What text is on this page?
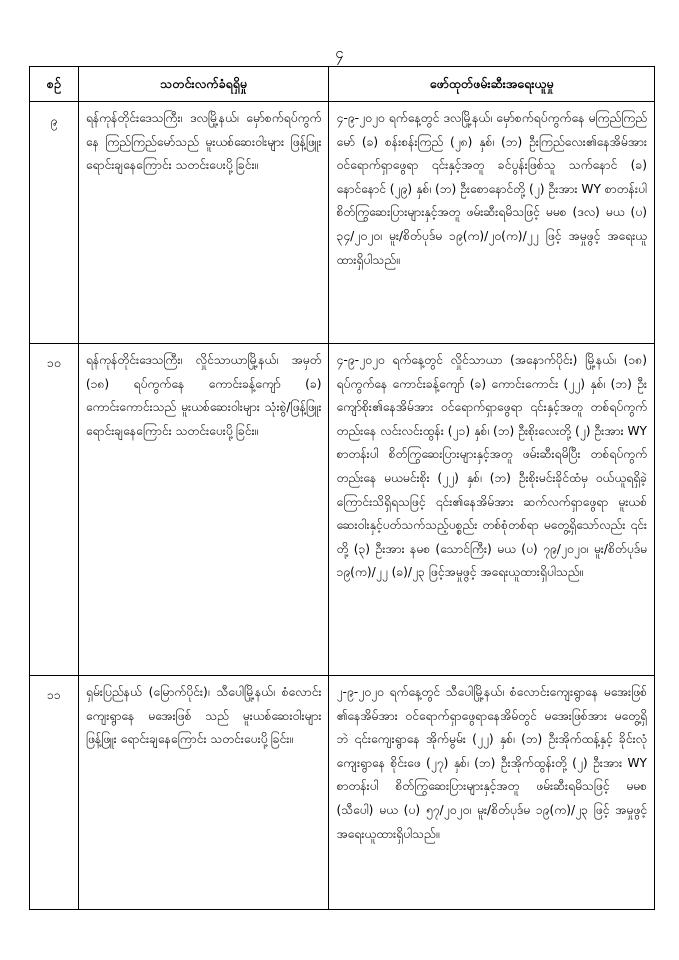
၄
စဉ်	သတင်းလက်ခံရရှိမှု	ဖော်ထုတ်ဖမ်းဆီးအရေးယူမှု
၉	ရန်ကုန်တိုင်းဒေသကြီး၊ ဒလမြို့နယ်၊ မှော်စက်ရပ်ကွက်နေ ကြည်ကြည်မော်သည် မူးယစ်ဆေးဝါးများ ဖြန့်ဖြူး ရောင်းချနေကြောင်း သတင်းပေးပို့ခြင်း။	၄-၉-၂၀၂၀ ရက်နေ့တွင် ဒလမြို့နယ်၊ မှော်စက်ရပ်ကွက်နေ မကြည်ကြည်မော် (ခ) စန်းစန်းကြည် (၂၈) နှစ်၊ (ဘ) ဦးကြည်လေး၏နေအိမ်အား ဝင်ရောက်ရှာဖွေရာ ၎င်းနှင့်အတူ ခင်ပွန်းဖြစ်သူ သက်နောင် (ခ) နောင်နောင် (၂၉) နှစ်၊ (ဘ) ဦးစောနောင်တို့ (၂) ဦးအား WY စာတန်းပါ စိတ်ကြွဆေးပြားများနှင့်အတူ ဖမ်းဆီးရမိသဖြင့် မမစ (ဒလ) မယ (ပ) ၃၄/၂၀၂၀၊ မူး/စိတ်ပုဒ်မ ၁၉(က)/၂၀(က)/၂၂ ဖြင့် အမှုဖွင့် အရေးယူထားရှိပါသည်။
၁၀	ရန်ကုန်တိုင်းဒေသကြီး၊ လှိုင်သာယာမြို့နယ်၊ အမှတ် (၁၈) ရပ်ကွက်နေ ကောင်းခန့်ကျော် (ခ) ကောင်းကောင်းသည် မူးယစ်ဆေးဝါးများ သုံးစွဲ/ဖြန့်ဖြူး ရောင်းချနေကြောင်း သတင်းပေးပို့ခြင်း။	၄-၉-၂၀၂၀ ရက်နေ့တွင် လှိုင်သာယာ (အနောက်ပိုင်း) မြို့နယ်၊ (၁၈) ရပ်ကွက်နေ ကောင်းခန့်ကျော် (ခ) ကောင်းကောင်း (၂၂) နှစ်၊ (ဘ) ဦးကျော်စိုး၏နေအိမ်အား ဝင်ရောက်ရှာဖွေရာ ၎င်းနှင့်အတူ တစ်ရပ်ကွက်တည်းနေ လင်းလင်းထွန်း (၂၁) နှစ်၊ (ဘ) ဦးစိုးလေးတို့ (၂) ဦးအား WY စာတန်းပါ စိတ်ကြွဆေးပြားများနှင့်အတူ ဖမ်းဆီးရမိပြီး တစ်ရပ်ကွက်တည်းနေ မယမင်းစိုး (၂၂) နှစ်၊ (ဘ) ဦးစိုးမင်းခိုင်ထံမှ ဝယ်ယူရရှိခဲ့ကြောင်းသိရှိရသဖြင့် ၎င်း၏နေအိမ်အား ဆက်လက်ရှာဖွေရာ မူးယစ်ဆေးဝါးနှင့်ပတ်သက်သည့်ပစ္စည်း တစ်စုံတစ်ရာ မတွေ့ရှိသော်လည်း ၎င်းတို့ (၃) ဦးအား နမစ (သောင်ကြီး) မယ (ပ) ၇၉/၂၀၂၀၊ မူး/စိတ်ပုဒ်မ ၁၉(က)/၂၂ (ခ)/၂၃ ဖြင့်အမှုဖွင့် အရေးယူထားရှိပါသည်။
၁၁	ရှမ်းပြည်နယ် (မြောက်ပိုင်း)၊ သီပေါမြို့နယ်၊ စံလောင်းကျေးရွာနေ မအေးဖြစ် သည် မူးယစ်ဆေးဝါးများဖြန့်ဖြူး ရောင်းချနေကြောင်း သတင်းပေးပို့ခြင်း။	၂-၉-၂၀၂၀ ရက်နေ့တွင် သီပေါမြို့နယ်၊ စံလောင်းကျေးရွာနေ မအေးဖြစ် ၏နေအိမ်အား ဝင်ရောက်ရှာဖွေရာနေအိမ်တွင် မအေးဖြစ်အား မတွေ့ရှိဘဲ ၎င်းကျေးရွာနေ အိုက်မွမ်း (၂၂) နှစ်၊ (ဘ) ဦးအိုက်ထန့်နှင့် ခိုင်းလုံကျေးရွာနေ စိုင်းဖေ (၂၇) နှစ်၊ (ဘ) ဦးအိုက်ထွန်းတို့ (၂) ဦးအား WY စာတန်းပါ စိတ်ကြွဆေးပြားများနှင့်အတူ ဖမ်းဆီးရမိသဖြင့် မမစ (သီပေါ) မယ (ပ) ၅၇/၂၀၂၀၊ မူး/စိတ်ပုဒ်မ ၁၉(က)/၂၃ ဖြင့် အမှုဖွင့် အရေးယူထားရှိပါသည်။
